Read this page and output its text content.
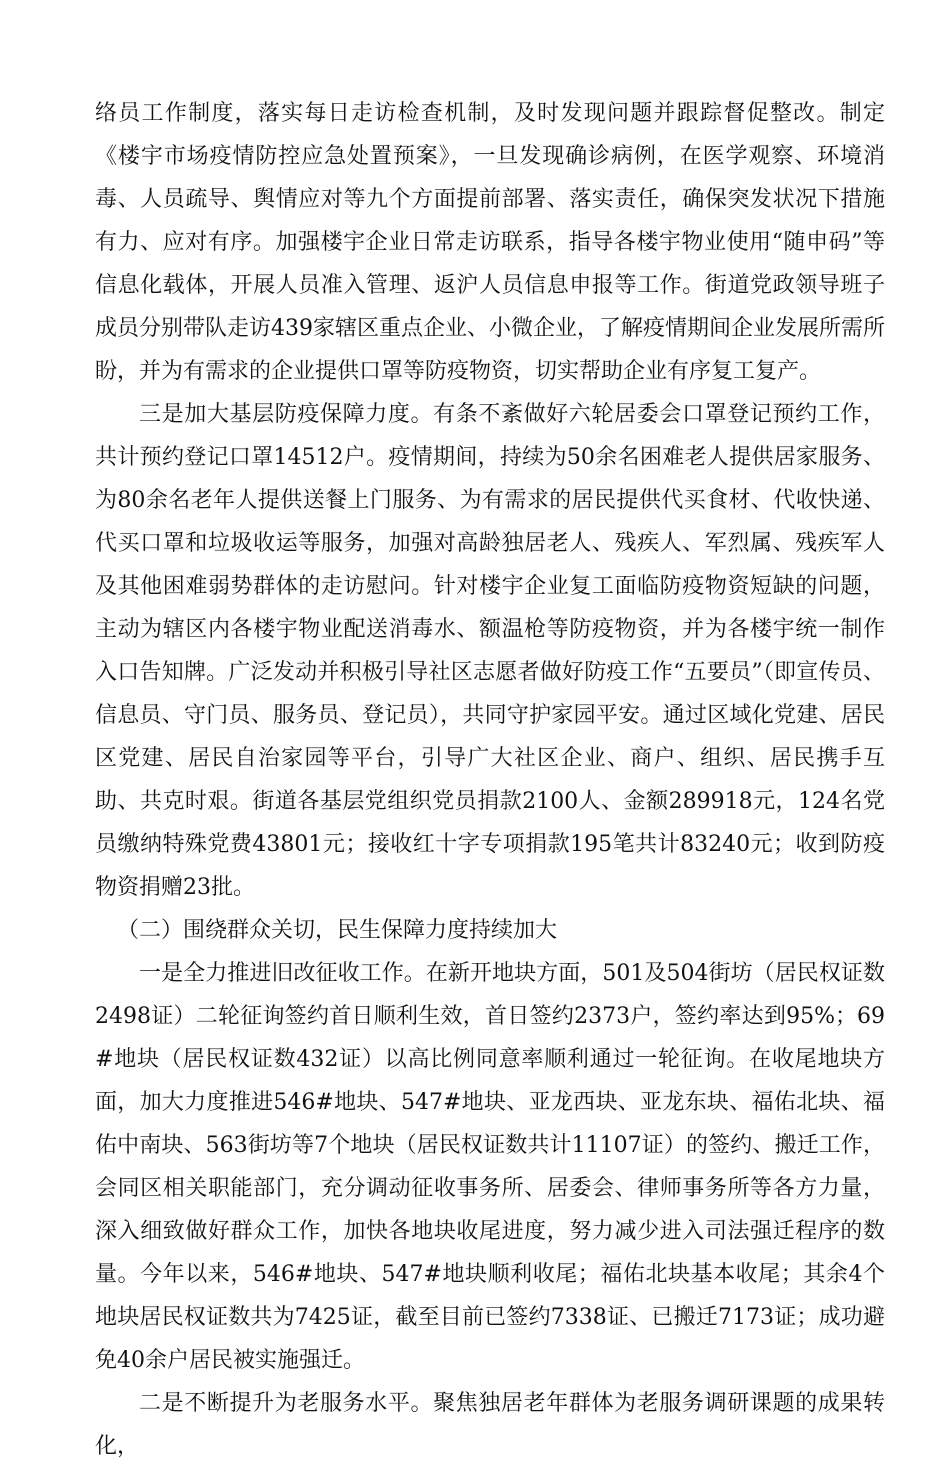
络员工作制度，落实每日走访检查机制，及时发现问题并跟踪督促整改。制定《楼宇市场疫情防控应急处置预案》，一旦发现确诊病例，在医学观察、环境消毒、人员疏导、舆情应对等九个方面提前部署、落实责任，确保突发状况下措施有力、应对有序。加强楼宇企业日常走访联系，指导各楼宇物业使用“随申码”等信息化载体，开展人员准入管理、返沪人员信息申报等工作。街道党政领导班子成员分别带队走访439家辖区重点企业、小微企业，了解疫情期间企业发展所需所盼，并为有需求的企业提供口罩等防疫物资，切实帮助企业有序复工复产。

三是加大基层防疫保障力度。有条不紊做好六轮居委会口罩登记预约工作，共计预约登记口罩14512户。疫情期间，持续为50余名困难老人提供居家服务、为80余名老年人提供送餐上门服务、为有需求的居民提供代买食材、代收快递、代买口罩和垃圾收运等服务，加强对高龄独居老人、残疾人、军烈属、残疾军人及其他困难弱势群体的走访慰问。针对楼宇企业复工面临防疫物资短缺的问题，主动为辖区内各楼宇物业配送消毒水、额温枪等防疫物资，并为各楼宇统一制作入口告知牌。广泛发动并积极引导社区志愿者做好防疫工作“五要员”（即宣传员、信息员、守门员、服务员、登记员），共同守护家园平安。通过区域化党建、居民区党建、居民自治家园等平台，引导广大社区企业、商户、组织、居民携手互助、共克时艰。街道各基层党组织党员捐款2100人、金额289918元，124名党员缴纳特殊党费43801元；接收红十字专项捐款195笔共计83240元；收到防疫物资捐赠23批。

（二）围绕群众关切，民生保障力度持续加大

一是全力推进旧改征收工作。在新开地块方面，501及504街坊（居民权证数2498证）二轮征询签约首日顺利生效，首日签约2373户，签约率达到95%；69#地块（居民权证数432证）以高比例同意率顺利通过一轮征询。在收尾地块方面，加大力度推进546#地块、547#地块、亚龙西块、亚龙东块、福佑北块、福佑中南块、563街坊等7个地块（居民权证数共计11107证）的签约、搬迁工作，会同区相关职能部门，充分调动征收事务所、居委会、律师事务所等各方力量，深入细致做好群众工作，加快各地块收尾进度，努力减少进入司法强迁程序的数量。今年以来，546#地块、547#地块顺利收尾；福佑北块基本收尾；其余4个地块居民权证数共为7425证，截至目前已签约7338证、已搬迁7173证；成功避免40余户居民被实施强迁。

二是不断提升为老服务水平。聚焦独居老年群体为老服务调研课题的成果转化，
